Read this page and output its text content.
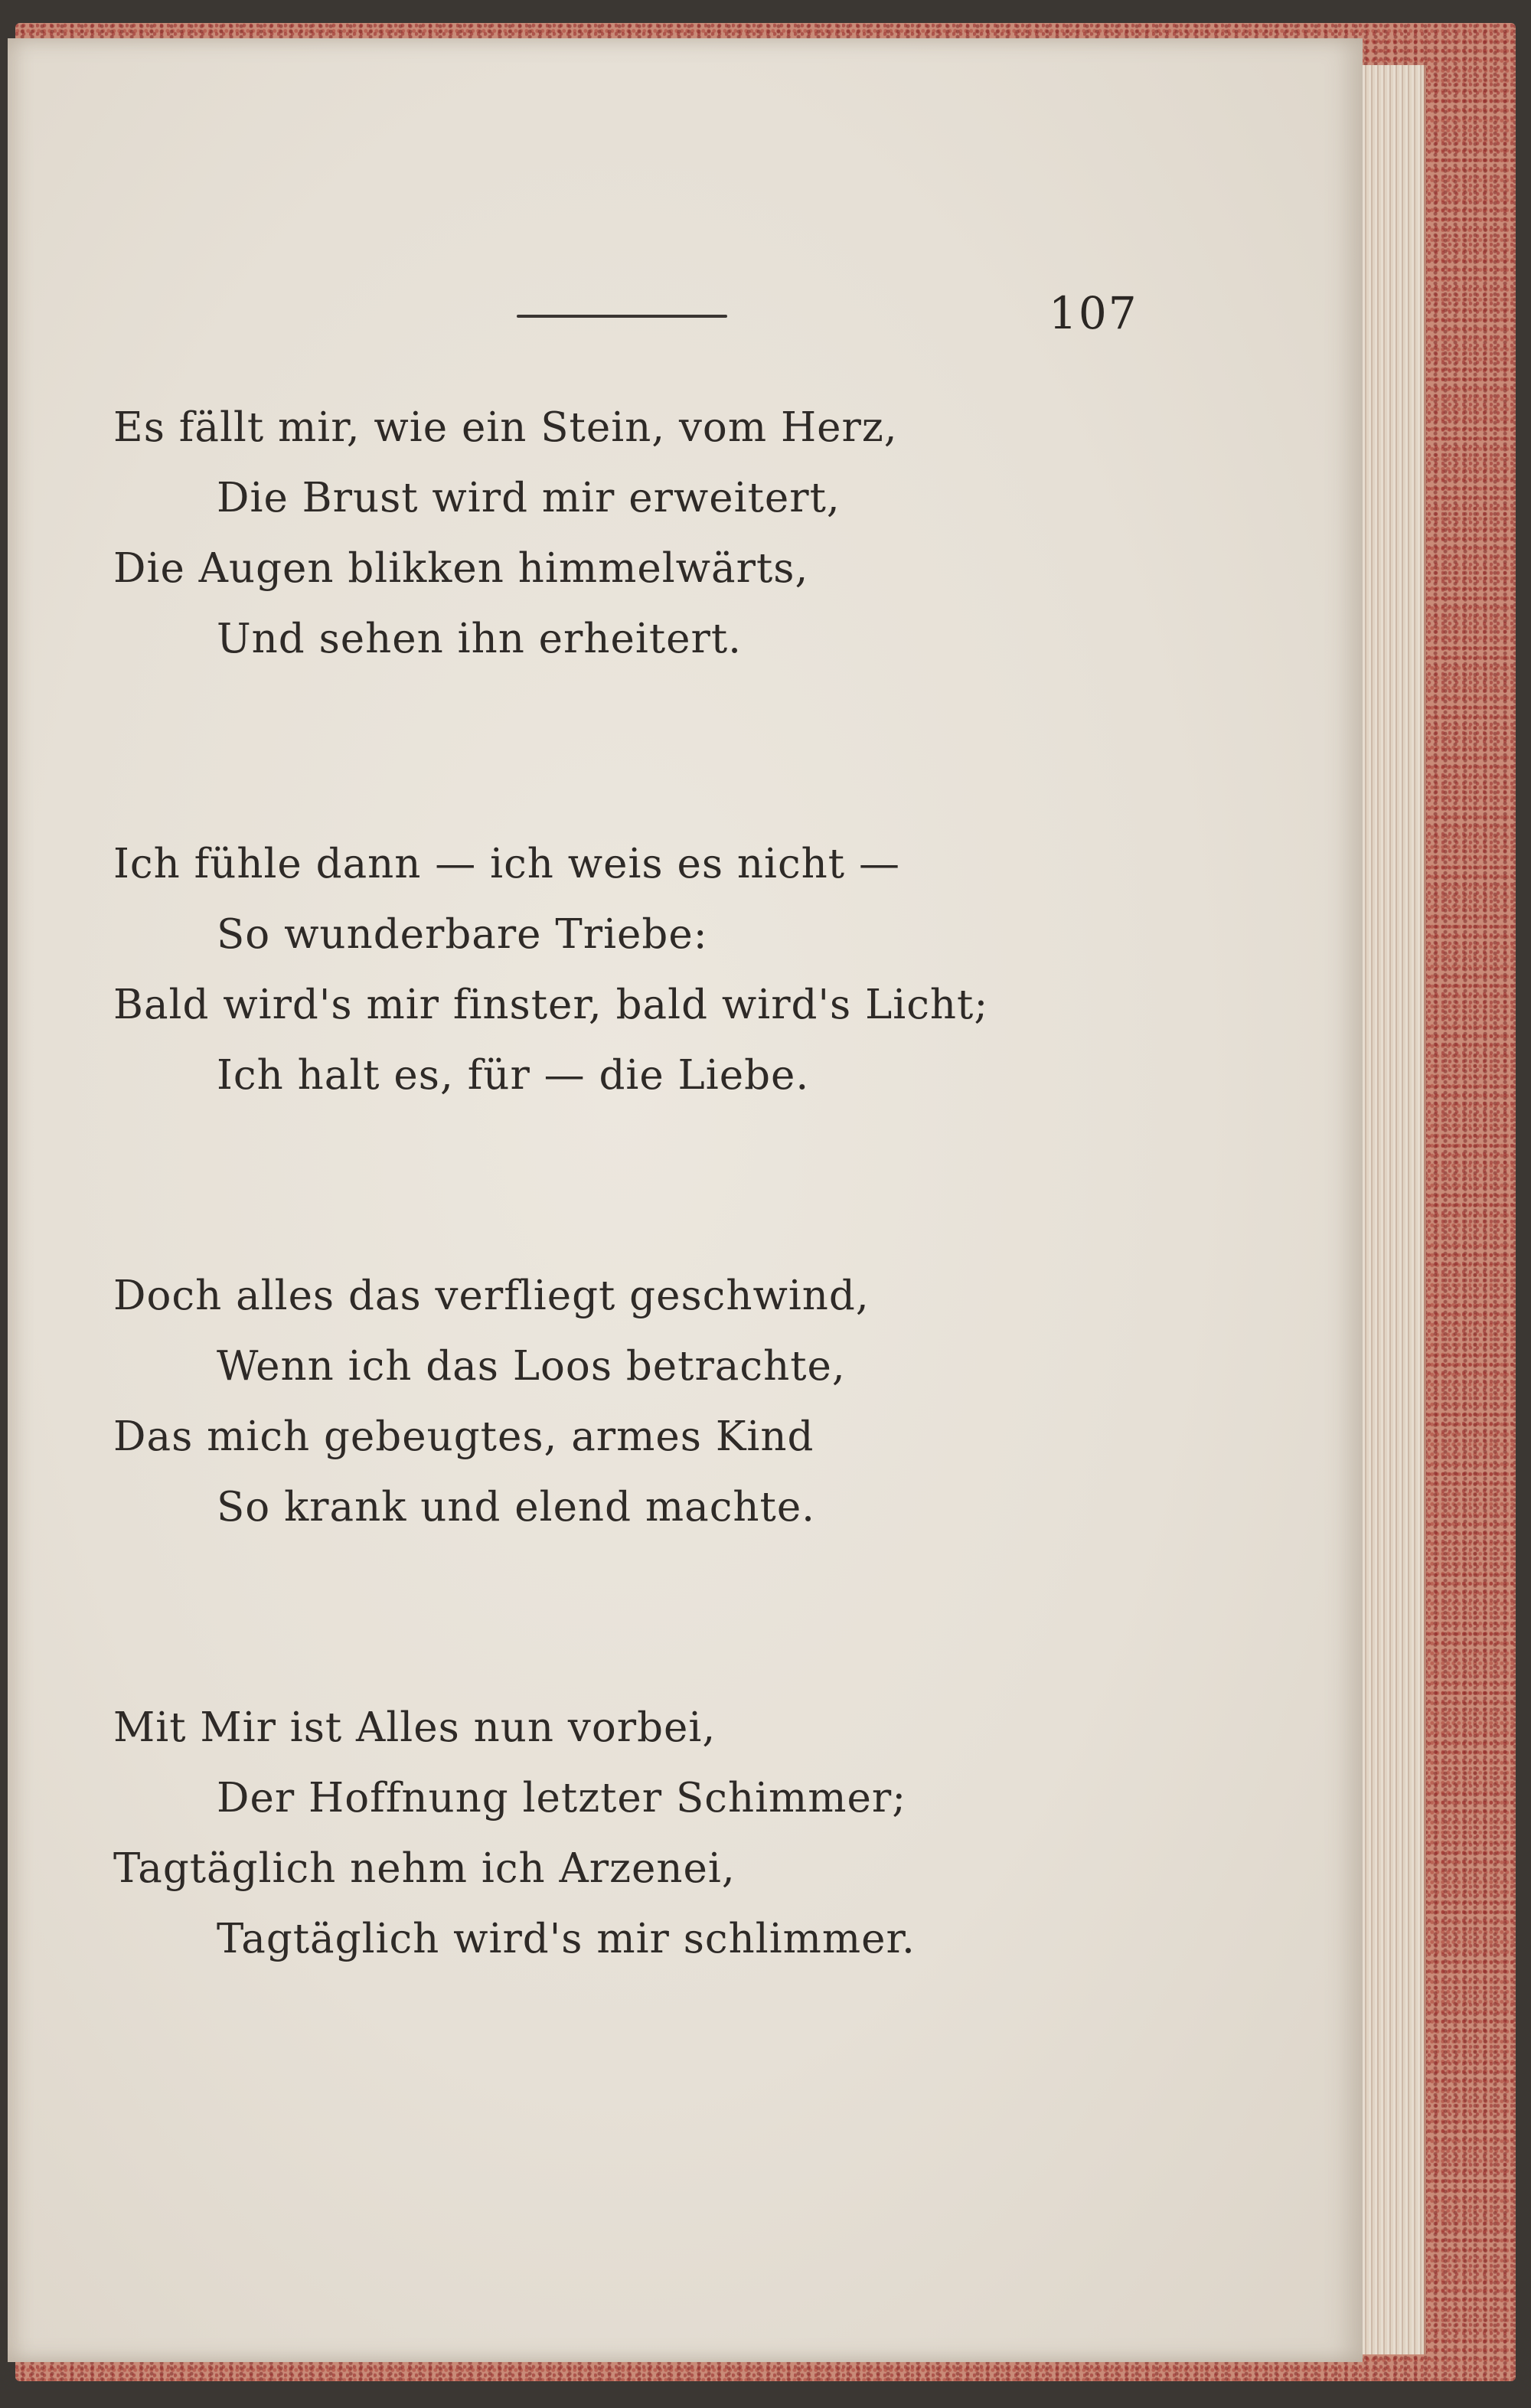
107
Es fällt mir, wie ein Stein, vom Herz,
Die Brust wird mir erweitert,
Die Augen blikken himmelwärts,
Und sehen ihn erheitert.
Ich fühle dann — ich weis es nicht —
So wunderbare Triebe:
Bald wird's mir finster, bald wird's Licht;
Ich halt es, für — die Liebe.
Doch alles das verfliegt geschwind,
Wenn ich das Loos betrachte,
Das mich gebeugtes, armes Kind
So krank und elend machte.
Mit Mir ist Alles nun vorbei,
Der Hoffnung letzter Schimmer;
Tagtäglich nehm ich Arzenei,
Tagtäglich wird's mir schlimmer.
